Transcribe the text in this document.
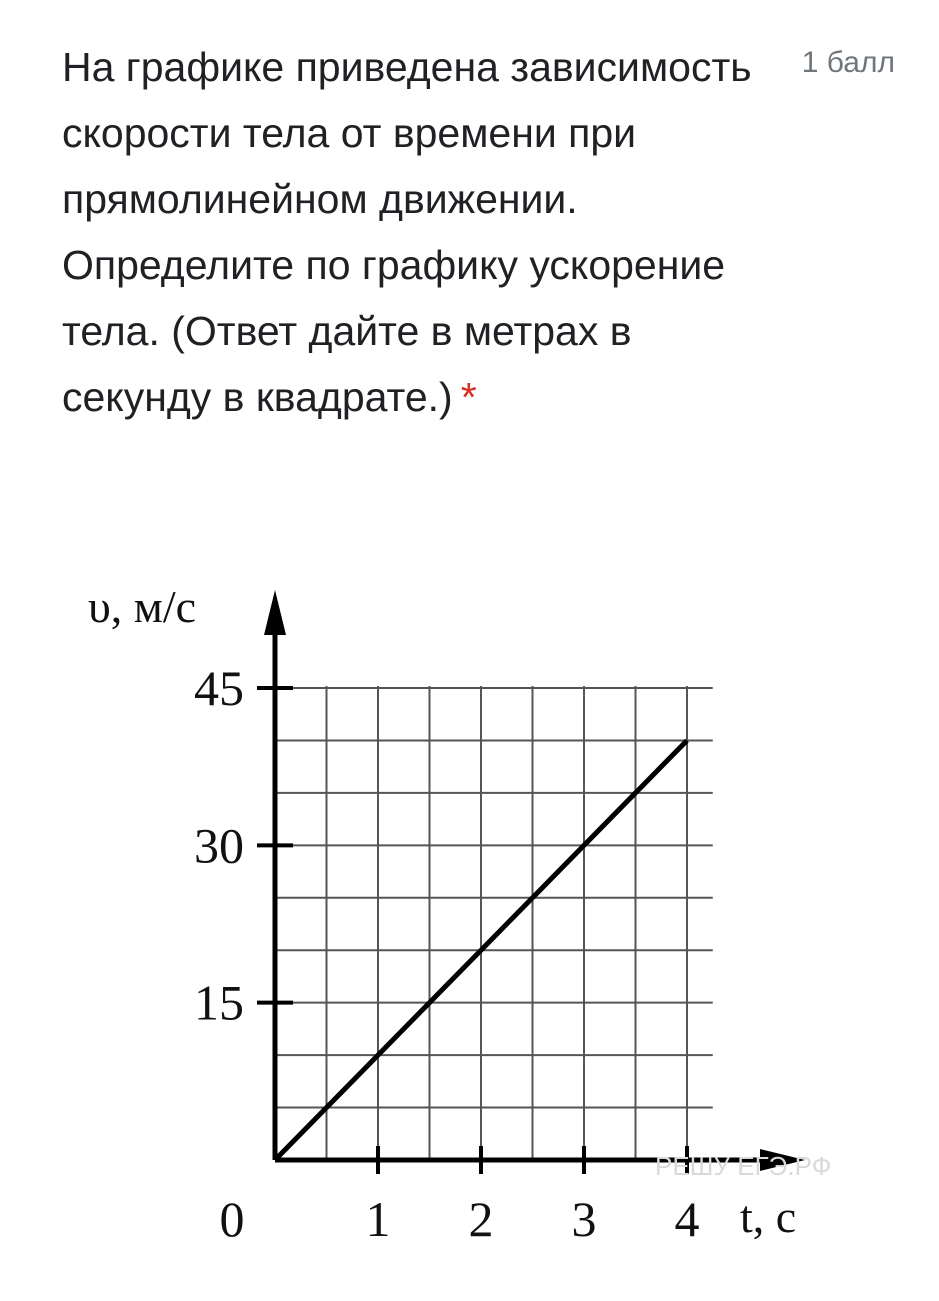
На графике приведена зависимость скорости тела от времени при прямолинейном движении. Определите по графику ускорение тела. (Ответ дайте в метрах в секунду в квадрате.) *
1 балл
1 2 3 4
15
30
45
υ, м/c
t, c
0
РЕШУ ЕГЭ.РФ
